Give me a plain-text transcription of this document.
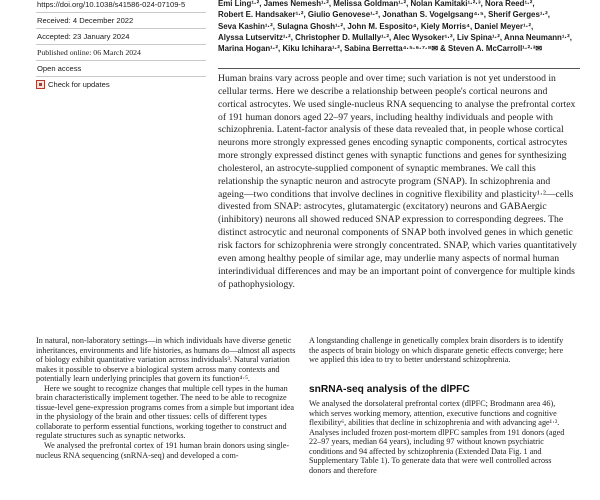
https://doi.org/10.1038/s41586-024-07109-5
Received: 4 December 2022
Accepted: 23 January 2024
Published online: 06 March 2024
Open access
Check for updates
Emi Ling¹·², James Nemesh¹·², Melissa Goldman¹·², Nolan Kamitaki¹·²·³, Nora Reed¹·²,
Robert E. Handsaker¹·², Giulio Genovese¹·², Jonathan S. Vogelgsang⁴·⁵, Sherif Gerges¹·²,
Seva Kashin¹·², Sulagna Ghosh¹·², John M. Esposito⁴, Kiely Morris⁴, Daniel Meyer¹·²,
Alyssa Lutservitz¹·², Christopher D. Mullally¹·², Alec Wysoker¹·², Liv Spina¹·², Anna Neumann¹·²,
Marina Hogan¹·², Kiku Ichihara¹·², Sabina Berretta⁴·⁵·⁶·⁷·⁸✉ & Steven A. McCarroll¹·²·³✉

Human brains vary across people and over time; such variation is not yet understood in cellular terms. Here we describe a relationship between people's cortical neurons and cortical astrocytes. We used single-nucleus RNA sequencing to analyse the prefrontal cortex of 191 human donors aged 22–97 years, including healthy individuals and people with schizophrenia. Latent-factor analysis of these data revealed that, in people whose cortical neurons more strongly expressed genes encoding synaptic components, cortical astrocytes more strongly expressed distinct genes with synaptic functions and genes for synthesizing cholesterol, an astrocyte-supplied component of synaptic membranes. We call this relationship the synaptic neuron and astrocyte program (SNAP). In schizophrenia and ageing—two conditions that involve declines in cognitive flexibility and plasticity¹·²—cells divested from SNAP: astrocytes, glutamatergic (excitatory) neurons and GABAergic (inhibitory) neurons all showed reduced SNAP expression to corresponding degrees. The distinct astrocytic and neuronal components of SNAP both involved genes in which genetic risk factors for schizophrenia were strongly concentrated. SNAP, which varies quantitatively even among healthy people of similar age, may underlie many aspects of normal human interindividual differences and may be an important point of convergence for multiple kinds of pathophysiology.

In natural, non-laboratory settings—in which individuals have diverse genetic inheritances, environments and life histories, as humans do—almost all aspects of biology exhibit quantitative variation across individuals³. Natural variation makes it possible to observe a biological system across many contexts and potentially learn underlying principles that govern its function⁴·⁵.

Here we sought to recognize changes that multiple cell types in the human brain characteristically implement together. The need to be able to recognize tissue-level gene-expression programs comes from a simple but important idea in the physiology of the brain and other tissues: cells of different types collaborate to perform essential functions, working together to construct and regulate structures such as synaptic networks.

We analysed the prefrontal cortex of 191 human brain donors using single-nucleus RNA sequencing (snRNA-seq) and developed a com-

A longstanding challenge in genetically complex brain disorders is to identify the aspects of brain biology on which disparate genetic effects converge; here we applied this idea to try to better understand schizophrenia.

snRNA-seq analysis of the dlPFC

We analysed the dorsolateral prefrontal cortex (dlPFC; Brodmann area 46), which serves working memory, attention, executive functions and cognitive flexibility⁶, abilities that decline in schizophrenia and with advancing age¹·². Analyses included frozen post-mortem dlPFC samples from 191 donors (aged 22–97 years, median 64 years), including 97 without known psychiatric conditions and 94 affected by schizophrenia (Extended Data Fig. 1 and Supplementary Table 1). To generate data that were well controlled across donors and therefore
